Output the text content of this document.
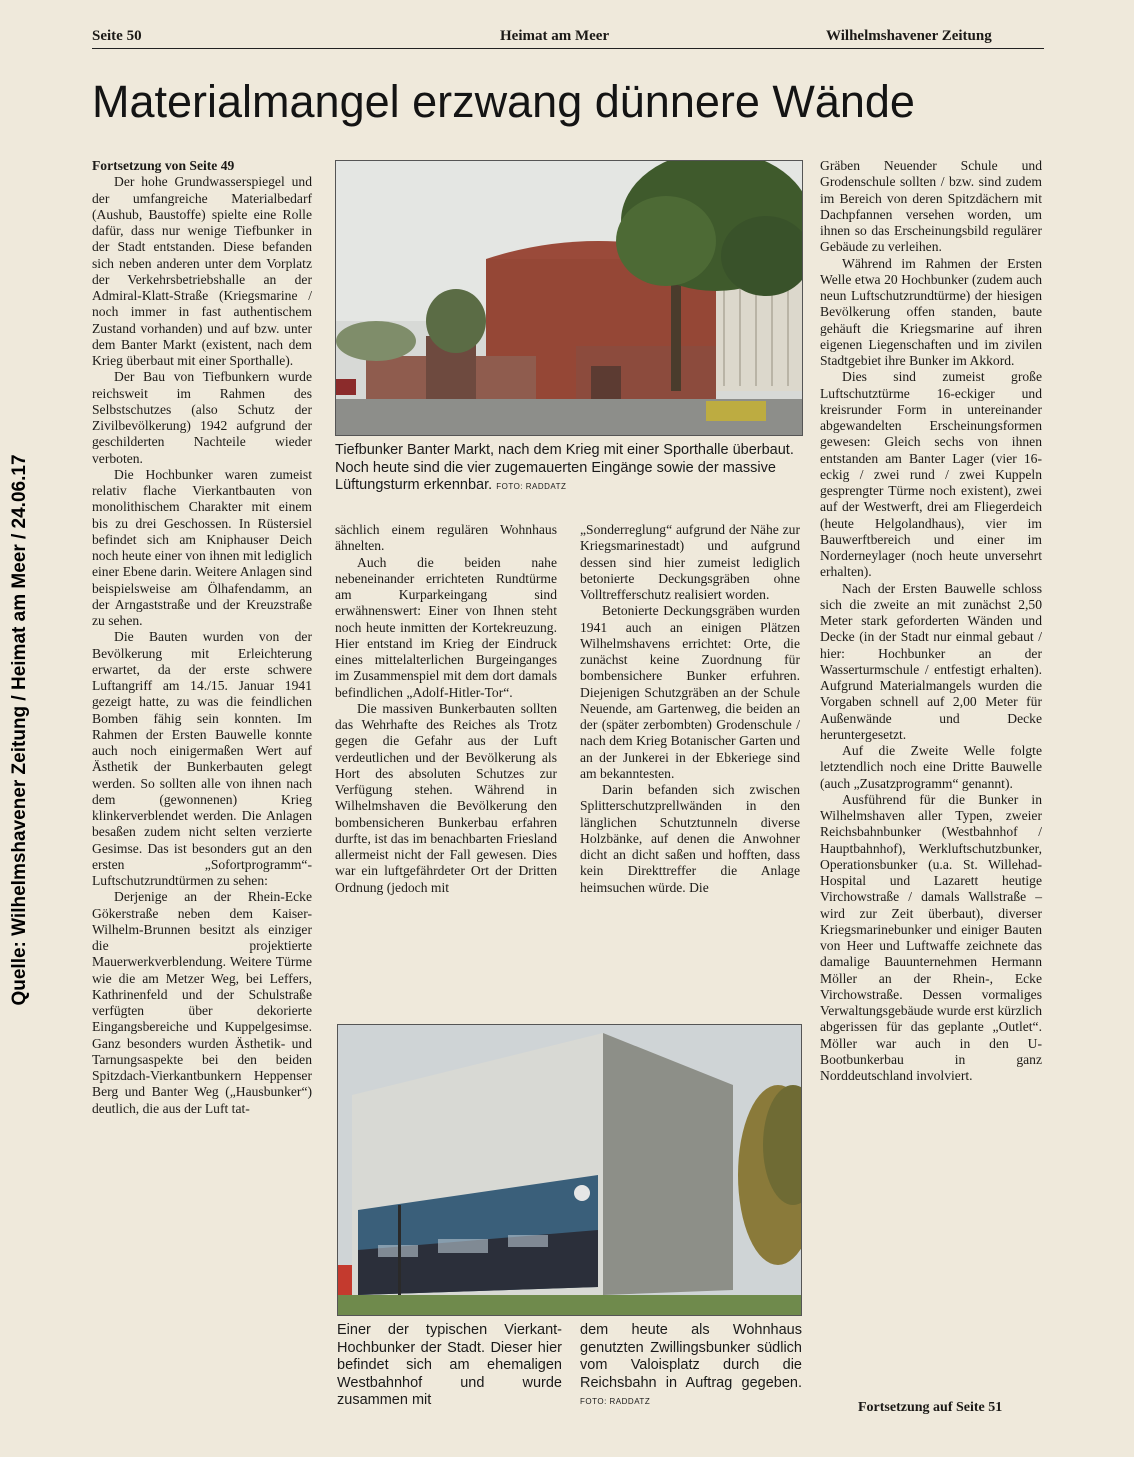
Quelle: Wilhelmshavener Zeitung / Heimat am Meer / 24.06.17
Seite 50	Heimat am Meer	Wilhelmshavener Zeitung
Materialmangel erzwang dünnere Wände

Fortsetzung von Seite 49

Der hohe Grundwasserspiegel und der umfangreiche Materialbedarf (Aushub, Baustoffe) spielte eine Rolle dafür, dass nur wenige Tiefbunker in der Stadt entstanden. Diese befanden sich neben anderen unter dem Vorplatz der Verkehrsbetriebshalle an der Admiral-Klatt-Straße (Kriegsmarine / noch immer in fast authentischem Zustand vorhanden) und auf bzw. unter dem Banter Markt (existent, nach dem Krieg überbaut mit einer Sporthalle).

Der Bau von Tiefbunkern wurde reichsweit im Rahmen des Selbstschutzes (also Schutz der Zivilbevölkerung) 1942 aufgrund der geschilderten Nachteile wieder verboten.

Die Hochbunker waren zumeist relativ flache Vierkantbauten von monolithischem Charakter mit einem bis zu drei Geschossen. In Rüstersiel befindet sich am Kniphauser Deich noch heute einer von ihnen mit lediglich einer Ebene darin. Weitere Anlagen sind beispielsweise am Ölhafendamm, an der Arngaststraße und der Kreuzstraße zu sehen.

Die Bauten wurden von der Bevölkerung mit Erleichterung erwartet, da der erste schwere Luftangriff am 14./15. Januar 1941 gezeigt hatte, zu was die feindlichen Bomben fähig sein konnten. Im Rahmen der Ersten Bauwelle konnte auch noch einigermaßen Wert auf Ästhetik der Bunkerbauten gelegt werden. So sollten alle von ihnen nach dem (gewonnenen) Krieg klinkerverblendet werden. Die Anlagen besaßen zudem nicht selten verzierte Gesimse. Das ist besonders gut an den ersten „Sofortprogramm“-Luftschutzrundtürmen zu sehen:

Derjenige an der Rhein-Ecke Gökerstraße neben dem Kaiser-Wilhelm-Brunnen besitzt als einziger die projektierte Mauerwerkverblendung. Weitere Türme wie die am Metzer Weg, bei Leffers, Kathrinenfeld und der Schulstraße verfügten über dekorierte Eingangsbereiche und Kuppelgesimse. Ganz besonders wurden Ästhetik- und Tarnungsaspekte bei den beiden Spitzdach-Vierkantbunkern Heppenser Berg und Banter Weg („Hausbunker“) deutlich, die aus der Luft tat-

Tiefbunker Banter Markt, nach dem Krieg mit einer Sporthalle überbaut. Noch heute sind die vier zugemauerten Eingänge sowie der massive Lüftungsturm erkennbar. FOTO: RADDATZ

sächlich einem regulären Wohnhaus ähnelten.

Auch die beiden nahe nebeneinander errichteten Rundtürme am Kurparkeingang sind erwähnenswert: Einer von Ihnen steht noch heute inmitten der Kortekreuzung. Hier entstand im Krieg der Eindruck eines mittelalterlichen Burgeinganges im Zusammenspiel mit dem dort damals befindlichen „Adolf-Hitler-Tor“.

Die massiven Bunkerbauten sollten das Wehrhafte des Reiches als Trotz gegen die Gefahr aus der Luft verdeutlichen und der Bevölkerung als Hort des absoluten Schutzes zur Verfügung stehen. Während in Wilhelmshaven die Bevölkerung den bombensicheren Bunkerbau erfahren durfte, ist das im benachbarten Friesland allermeist nicht der Fall gewesen. Dies war ein luftgefährdeter Ort der Dritten Ordnung (jedoch mit

„Sonderreglung“ aufgrund der Nähe zur Kriegsmarinestadt) und aufgrund dessen sind hier zumeist lediglich betonierte Deckungsgräben ohne Volltrefferschutz realisiert worden.

Betonierte Deckungsgräben wurden 1941 auch an einigen Plätzen Wilhelmshavens errichtet: Orte, die zunächst keine Zuordnung für bombensichere Bunker erfuhren. Diejenigen Schutzgräben an der Schule Neuende, am Gartenweg, die beiden an der (später zerbombten) Grodenschule / nach dem Krieg Botanischer Garten und an der Junkerei in der Ebkeriege sind am bekanntesten.

Darin befanden sich zwischen Splitterschutzprellwänden in den länglichen Schutztunneln diverse Holzbänke, auf denen die Anwohner dicht an dicht saßen und hofften, dass kein Direkttreffer die Anlage heimsuchen würde. Die

Einer der typischen Vierkant-Hochbunker der Stadt. Dieser hier befindet sich am ehemaligen Westbahnhof und wurde zusammen mit
dem heute als Wohnhaus genutzten Zwillingsbunker südlich vom Valoisplatz durch die Reichsbahn in Auftrag gegeben. FOTO: RADDATZ

Gräben Neuender Schule und Grodenschule sollten / bzw. sind zudem im Bereich von deren Spitzdächern mit Dachpfannen versehen worden, um ihnen so das Erscheinungsbild regulärer Gebäude zu verleihen.

Während im Rahmen der Ersten Welle etwa 20 Hochbunker (zudem auch neun Luftschutzrundtürme) der hiesigen Bevölkerung offen standen, baute gehäuft die Kriegsmarine auf ihren eigenen Liegenschaften und im zivilen Stadtgebiet ihre Bunker im Akkord.

Dies sind zumeist große Luftschutztürme 16-eckiger und kreisrunder Form in untereinander abgewandelten Erscheinungsformen gewesen: Gleich sechs von ihnen entstanden am Banter Lager (vier 16-eckig / zwei rund / zwei Kuppeln gesprengter Türme noch existent), zwei auf der Westwerft, drei am Fliegerdeich (heute Helgolandhaus), vier im Bauwerftbereich und einer im Norderneylager (noch heute unversehrt erhalten).

Nach der Ersten Bauwelle schloss sich die zweite an mit zunächst 2,50 Meter stark geforderten Wänden und Decke (in der Stadt nur einmal gebaut / hier: Hochbunker an der Wasserturmschule / entfestigt erhalten). Aufgrund Materialmangels wurden die Vorgaben schnell auf 2,00 Meter für Außenwände und Decke heruntergesetzt.

Auf die Zweite Welle folgte letztendlich noch eine Dritte Bauwelle (auch „Zusatzprogramm“ genannt).

Ausführend für die Bunker in Wilhelmshaven aller Typen, zweier Reichsbahnbunker (Westbahnhof / Hauptbahnhof), Werkluftschutzbunker, Operationsbunker (u.a. St. Willehad-Hospital und Lazarett heutige Virchowstraße / damals Wallstraße – wird zur Zeit überbaut), diverser Kriegsmarinebunker und einiger Bauten von Heer und Luftwaffe zeichnete das damalige Bauunternehmen Hermann Möller an der Rhein-, Ecke Virchowstraße. Dessen vormaliges Verwaltungsgebäude wurde erst kürzlich abgerissen für das geplante „Outlet“. Möller war auch in den U-Bootbunkerbau in ganz Norddeutschland involviert.

Fortsetzung auf Seite 51
